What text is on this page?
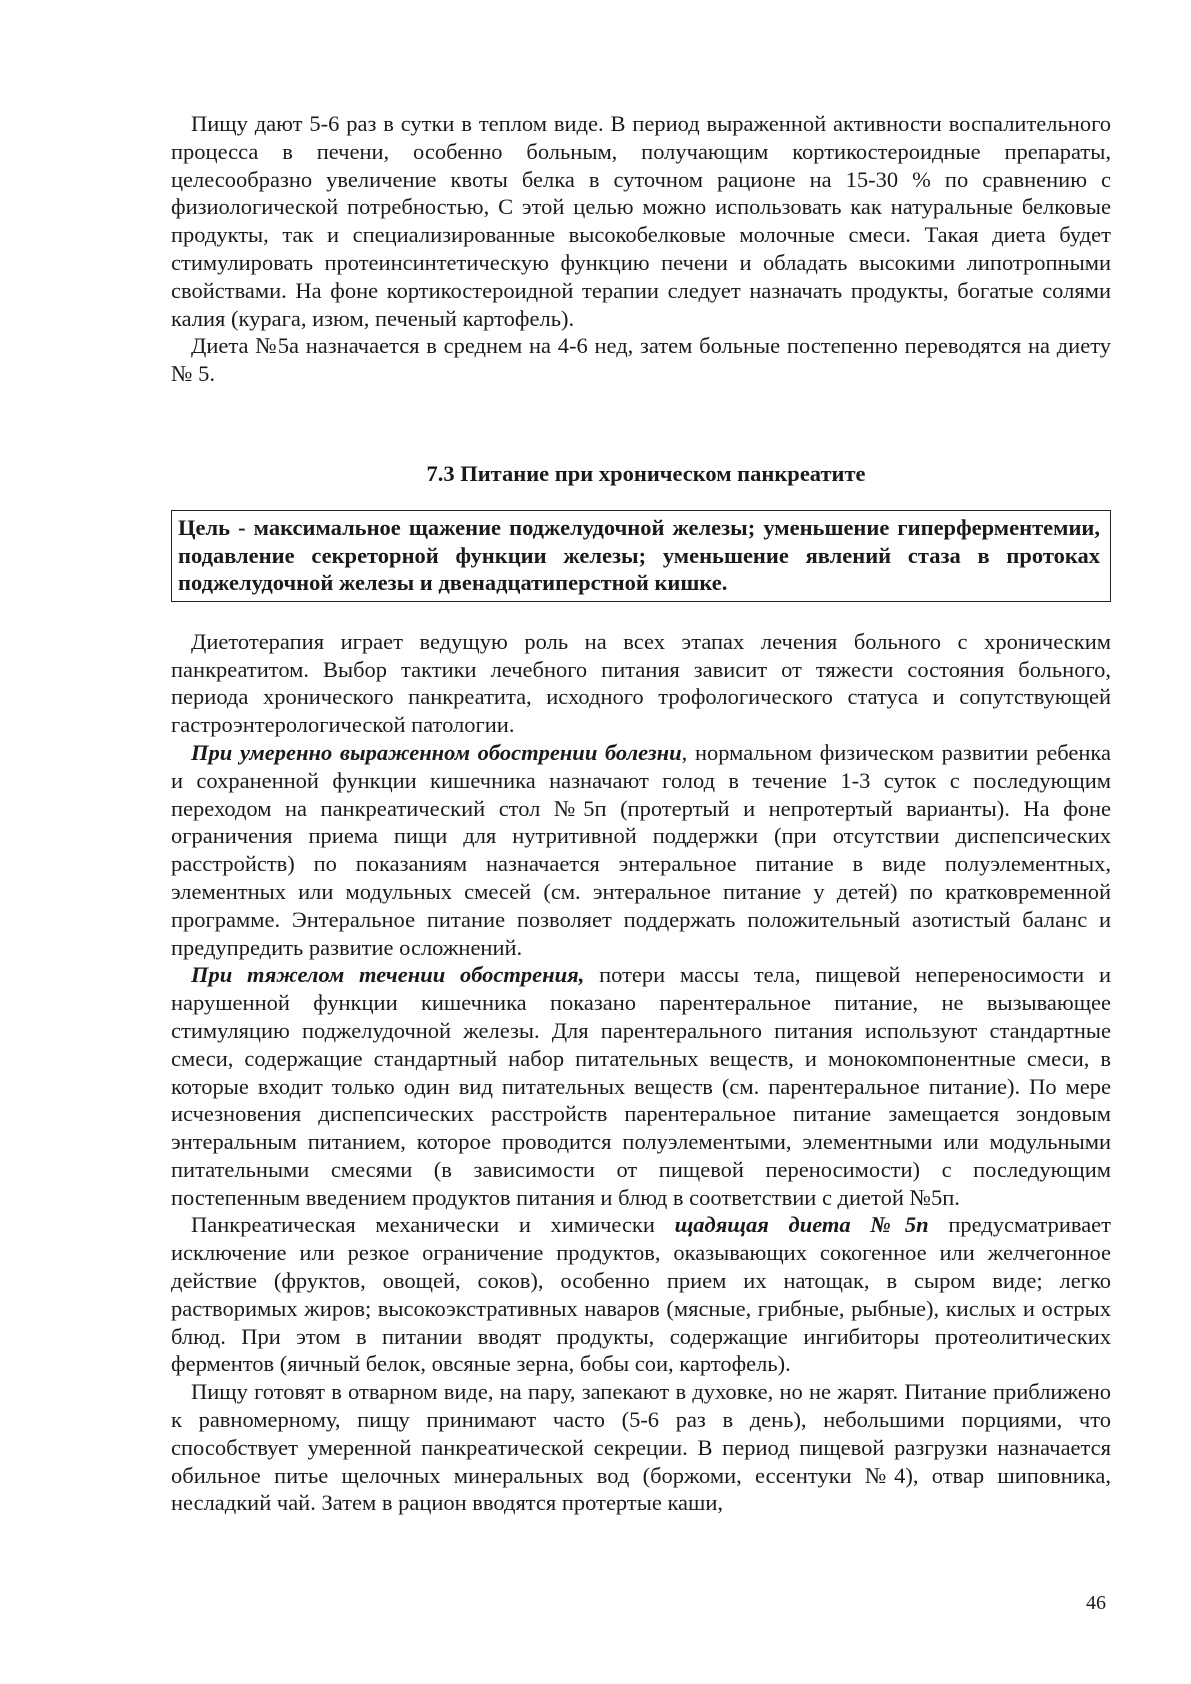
Пищу дают 5-6 раз в сутки в теплом виде. В период выраженной активности воспалительного процесса в печени, особенно больным, получающим кортикостероидные препараты, целесообразно увеличение квоты белка в суточном рационе на 15-30 % по сравнению с физиологической потребностью, С этой целью можно использовать как натуральные белковые продукты, так и специализированные высокобелковые молочные смеси. Такая диета будет стимулировать протеинсинтетическую функцию печени и обладать высокими липотропными свойствами. На фоне кортикостероидной терапии следует назначать продукты, богатые солями калия (курага, изюм, печеный картофель).

Диета №5а назначается в среднем на 4-6 нед, затем больные постепенно переводятся на диету № 5.

7.3 Питание при хроническом панкреатите
Цель - максимальное щажение поджелудочной железы; уменьшение гиперферментемии, подавление секреторной функции железы; уменьшение явлений стаза в протоках поджелудочной железы и двенадцатиперстной кишке.

Диетотерапия играет ведущую роль на всех этапах лечения больного с хроническим панкреатитом. Выбор тактики лечебного питания зависит от тяжести состояния больного, периода хронического панкреатита, исходного трофологического статуса и сопутствующей гастроэнтерологической патологии.

При умеренно выраженном обострении болезни, нормальном физическом развитии ребенка и сохраненной функции кишечника назначают голод в течение 1-3 суток с последующим переходом на панкреатический стол №5п (протертый и непротертый варианты). На фоне ограничения приема пищи для нутритивной поддержки (при отсутствии диспепсических расстройств) по показаниям назначается энтеральное питание в виде полуэлементных, элементных или модульных смесей (см. энтеральное питание у детей) по кратковременной программе. Энтеральное питание позволяет поддержать положительный азотистый баланс и предупредить развитие осложнений.

При тяжелом течении обострения, потери массы тела, пищевой непереносимости и нарушенной функции кишечника показано парентеральное питание, не вызывающее стимуляцию поджелудочной железы. Для парентерального питания используют стандартные смеси, содержащие стандартный набор питательных веществ, и монокомпонентные смеси, в которые входит только один вид питательных веществ (см. парентеральное питание). По мере исчезновения диспепсических расстройств парентеральное питание замещается зондовым энтеральным питанием, которое проводится полуэлементыми, элементными или модульными питательными смесями (в зависимости от пищевой переносимости) с последующим постепенным введением продуктов питания и блюд в соответствии с диетой №5п.

Панкреатическая механически и химически щадящая диета №5п предусматривает исключение или резкое ограничение продуктов, оказывающих сокогенное или желчегонное действие (фруктов, овощей, соков), особенно прием их натощак, в сыром виде; легко растворимых жиров; высокоэкстративных наваров (мясные, грибные, рыбные), кислых и острых блюд. При этом в питании вводят продукты, содержащие ингибиторы протеолитических ферментов (яичный белок, овсяные зерна, бобы сои, картофель).

Пищу готовят в отварном виде, на пару, запекают в духовке, но не жарят. Питание приближено к равномерному, пищу принимают часто (5-6 раз в день), небольшими порциями, что способствует умеренной панкреатической секреции. В период пищевой разгрузки назначается обильное питье щелочных минеральных вод (боржоми, ессентуки №4), отвар шиповника, несладкий чай. Затем в рацион вводятся протертые каши,

46
